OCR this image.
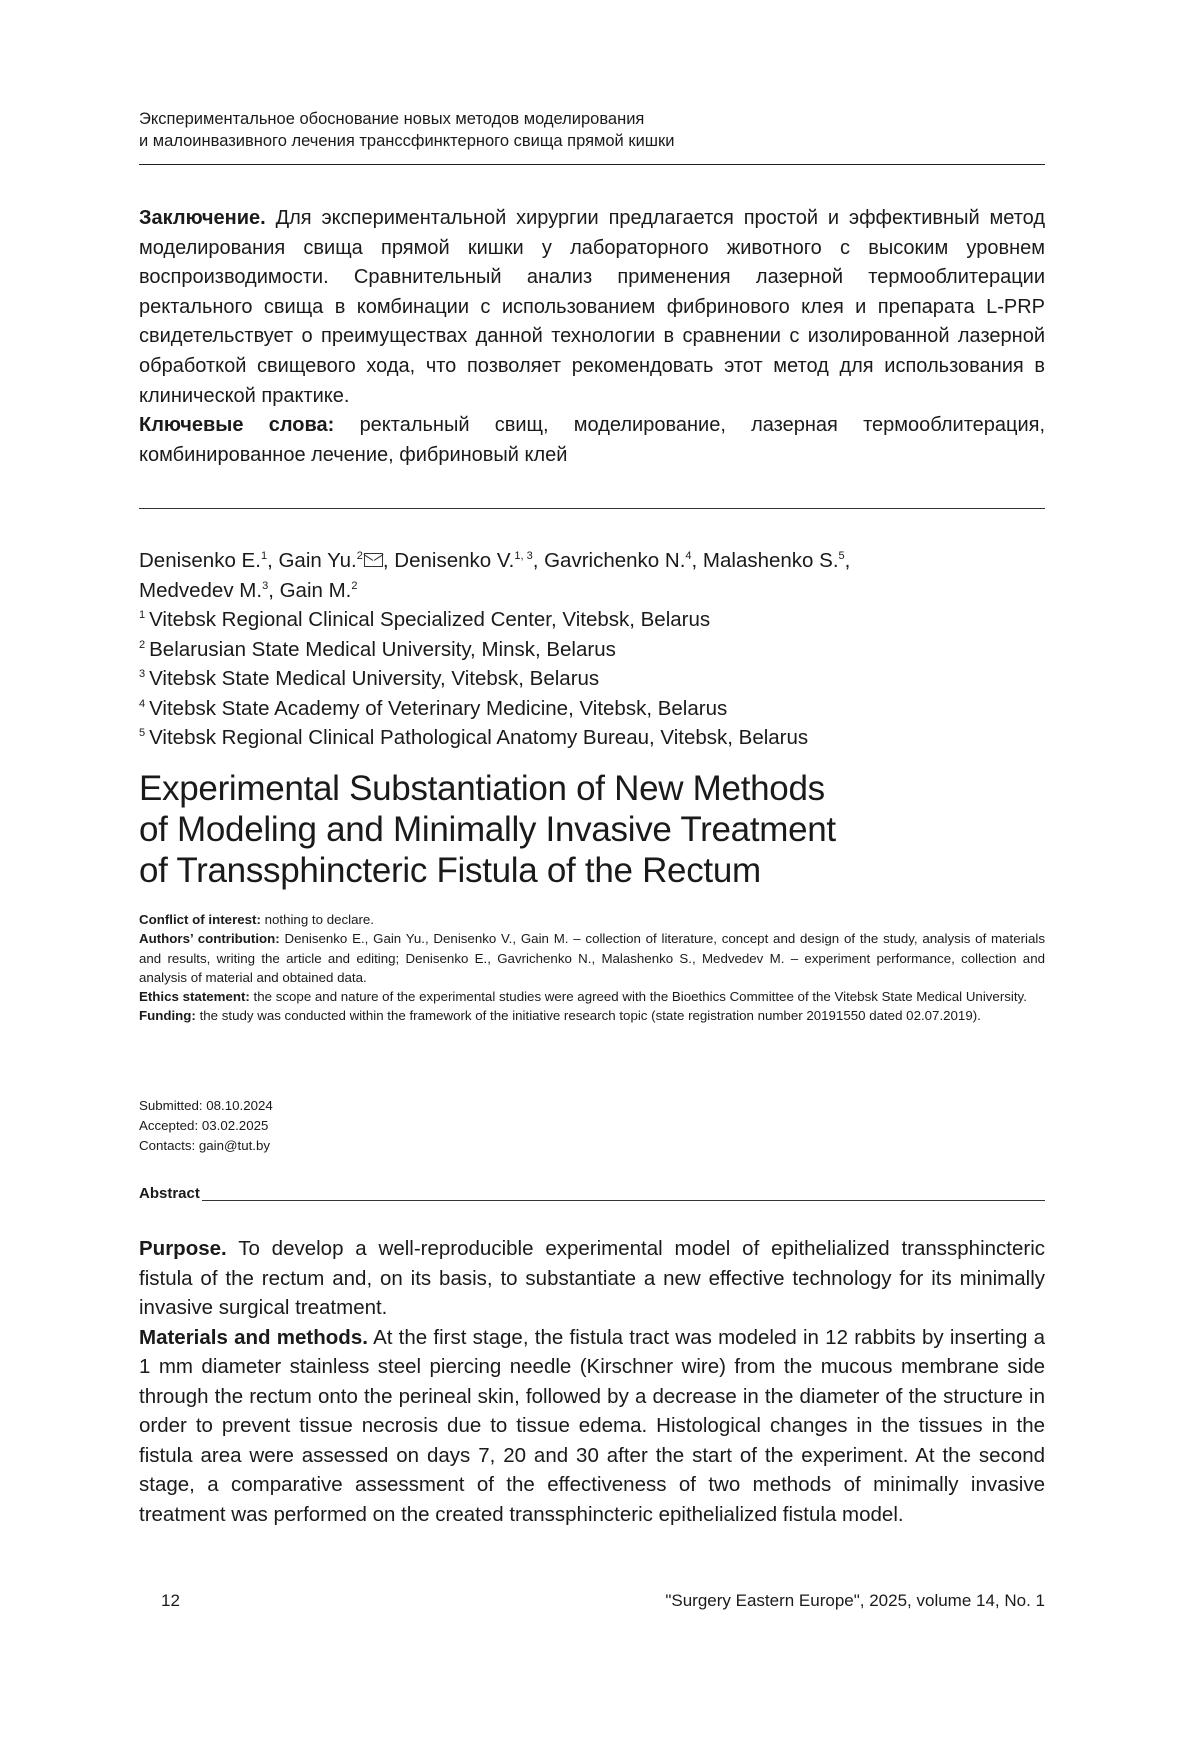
Экспериментальное обоснование новых методов моделирования
и малоинвазивного лечения транссфинктерного свища прямой кишки

Заключение. Для экспериментальной хирургии предлагается простой и эффективный метод моделирования свища прямой кишки у лабораторного животного с высоким уровнем воспроизводимости. Сравнительный анализ применения лазерной термооблитерации ректального свища в комбинации с использованием фибринового клея и препарата L-PRP свидетельствует о преимуществах данной технологии в сравнении с изолированной лазерной обработкой свищевого хода, что позволяет рекомендовать этот метод для использования в клинической практике.

Ключевые слова: ректальный свищ, моделирование, лазерная термооблитерация, комбинированное лечение, фибриновый клей

Denisenko E.$^1$, Gain Yu.$^2$ , Denisenko V.$^{1, 3}$, Gavrichenko N.$^4$, Malashenko S.$^5$,
Medvedev M.$^3$, Gain M.$^2$
$^1$ Vitebsk Regional Clinical Specialized Center, Vitebsk, Belarus
$^2$ Belarusian State Medical University, Minsk, Belarus
$^3$ Vitebsk State Medical University, Vitebsk, Belarus
$^4$ Vitebsk State Academy of Veterinary Medicine, Vitebsk, Belarus
$^5$ Vitebsk Regional Clinical Pathological Anatomy Bureau, Vitebsk, Belarus
Experimental Substantiation of New Methods
of Modeling and Minimally Invasive Treatment
of Transsphincteric Fistula of the Rectum

Conflict of interest: nothing to declare.

Authors’ contribution: Denisenko E., Gain Yu., Denisenko V., Gain M. – collection of literature, concept and design of the study, analysis of materials and results, writing the article and editing; Denisenko E., Gavrichenko N., Malashenko S., Medvedev M. – experiment performance, collection and analysis of material and obtained data.

Ethics statement: the scope and nature of the experimental studies were agreed with the Bioethics Committee of the Vitebsk State Medical University.

Funding: the study was conducted within the framework of the initiative research topic (state registration number 20191550 dated 02.07.2019).

Submitted: 08.10.2024
Accepted: 03.02.2025
Contacts: gain@tut.by
Abstract

Purpose. To develop a well-reproducible experimental model of epithelialized transsphincteric fistula of the rectum and, on its basis, to substantiate a new effective technology for its minimally invasive surgical treatment.

Materials and methods. At the first stage, the fistula tract was modeled in 12 rabbits by inserting a 1 mm diameter stainless steel piercing needle (Kirschner wire) from the mucous membrane side through the rectum onto the perineal skin, followed by a decrease in the diameter of the structure in order to prevent tissue necrosis due to tissue edema. Histological changes in the tissues in the fistula area were assessed on days 7, 20 and 30 after the start of the experiment. At the second stage, a comparative assessment of the effectiveness of two methods of minimally invasive treatment was performed on the created transsphincteric epithelialized fistula model.

12	"Surgery Eastern Europe", 2025, volume 14, No. 1
